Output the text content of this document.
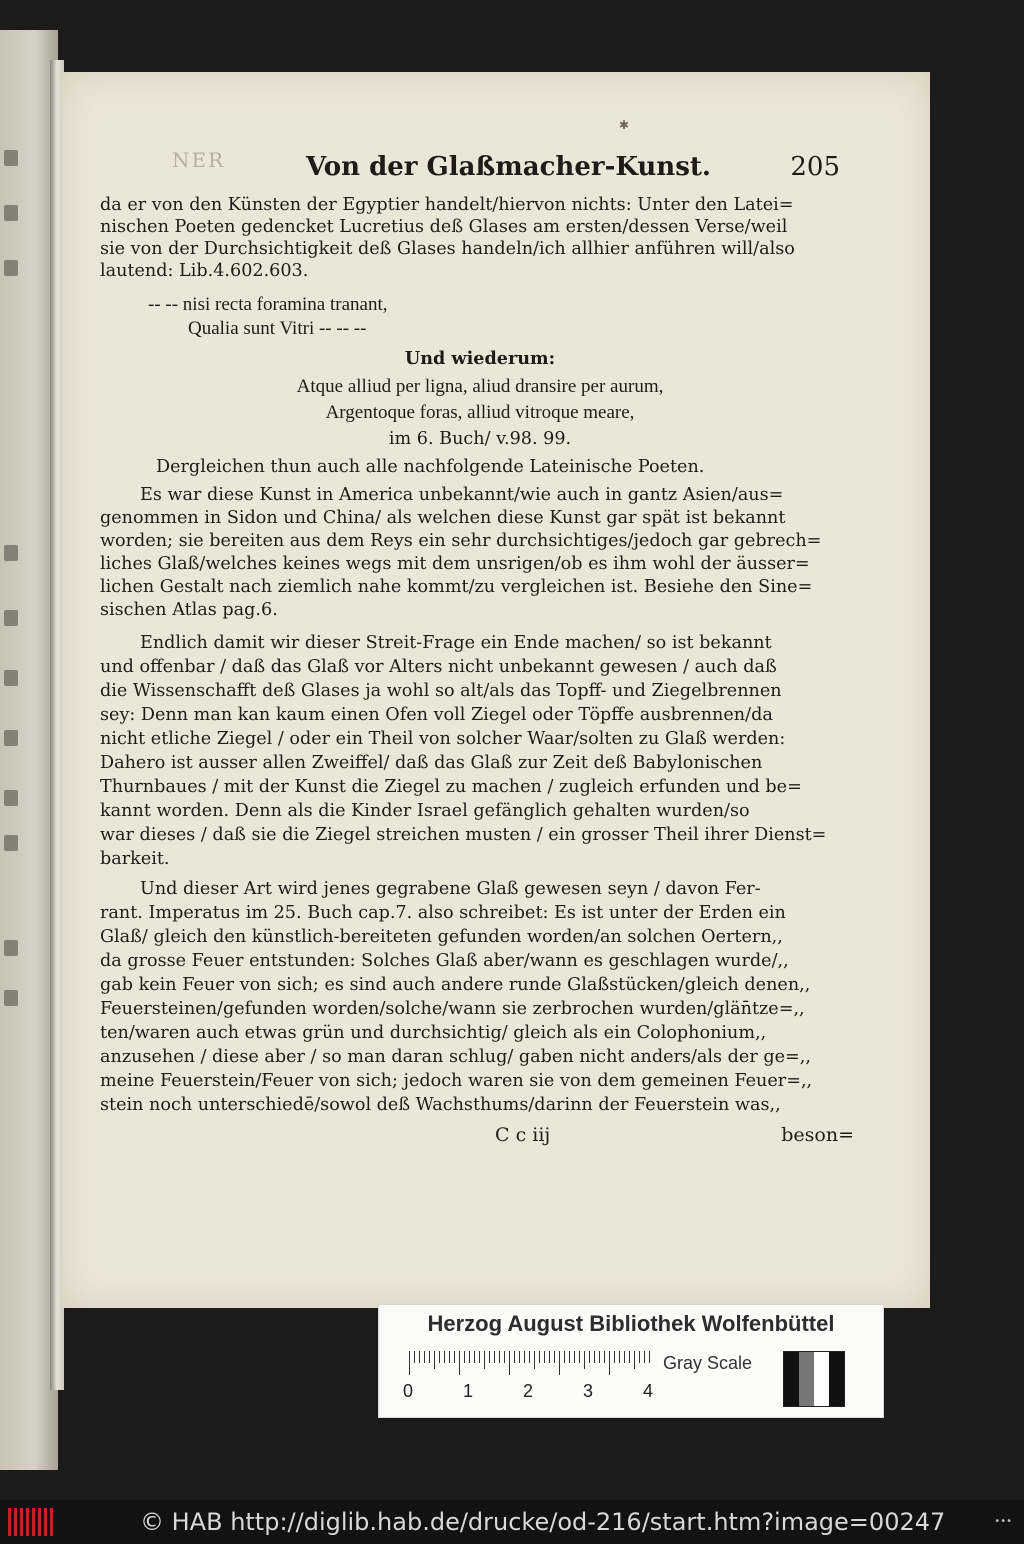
✱
NER	Von der Glaßmacher-Kunst.	205
da er von den Künsten der Egyptier handelt/hiervon nichts: Unter den Latei=
nischen Poeten gedencket Lucretius deß Glases am ersten/dessen Verse/weil
sie von der Durchsichtigkeit deß Glases handeln/ich allhier anführen will/also
lautend: Lib.4.602.603.
-- -- nisi recta foramina tranant,
Qualia sunt Vitri -- -- --
Und wiederum:
Atque alliud per ligna, aliud dransire per aurum,
Argentoque foras, alliud vitroque meare,
im 6. Buch/ v.98. 99.
Dergleichen thun auch alle nachfolgende Lateinische Poeten.
Es war diese Kunst in America unbekannt/wie auch in gantz Asien/aus=
genommen in Sidon und China/ als welchen diese Kunst gar spät ist bekannt
worden; sie bereiten aus dem Reys ein sehr durchsichtiges/jedoch gar gebrech=
liches Glaß/welches keines wegs mit dem unsrigen/ob es ihm wohl der äusser=
lichen Gestalt nach ziemlich nahe kommt/zu vergleichen ist. Besiehe den Sine=
sischen Atlas pag.6.
Endlich damit wir dieser Streit-Frage ein Ende machen/ so ist bekannt
und offenbar / daß das Glaß vor Alters nicht unbekannt gewesen / auch daß
die Wissenschafft deß Glases ja wohl so alt/als das Topff- und Ziegelbrennen
sey: Denn man kan kaum einen Ofen voll Ziegel oder Töpffe ausbrennen/da
nicht etliche Ziegel / oder ein Theil von solcher Waar/solten zu Glaß werden:
Dahero ist ausser allen Zweiffel/ daß das Glaß zur Zeit deß Babylonischen
Thurnbaues / mit der Kunst die Ziegel zu machen / zugleich erfunden und be=
kannt worden. Denn als die Kinder Israel gefänglich gehalten wurden/so
war dieses / daß sie die Ziegel streichen musten / ein grosser Theil ihrer Dienst=
barkeit.
Und dieser Art wird jenes gegrabene Glaß gewesen seyn / davon Fer-
rant. Imperatus im 25. Buch cap.7. also schreibet: Es ist unter der Erden ein
Glaß/ gleich den künstlich-bereiteten gefunden worden/an solchen Oertern,,
da grosse Feuer entstunden: Solches Glaß aber/wann es geschlagen wurde/,,
gab kein Feuer von sich; es sind auch andere runde Glaßstücken/gleich denen,,
Feuersteinen/gefunden worden/solche/wann sie zerbrochen wurden/glän̄tze=,,
ten/waren auch etwas grün und durchsichtig/ gleich als ein Colophonium,,
anzusehen / diese aber / so man daran schlug/ gaben nicht anders/als der ge=,,
meine Feuerstein/Feuer von sich; jedoch waren sie von dem gemeinen Feuer=,,
stein noch unterschiedē/sowol deß Wachsthums/darinn der Feuerstein was,,
C c iij	beson=
Herzog August Bibliothek Wolfenbüttel
0	1	2	3	4
Gray Scale
© HAB http://diglib.hab.de/drucke/od-216/start.htm?image=00247	•••
